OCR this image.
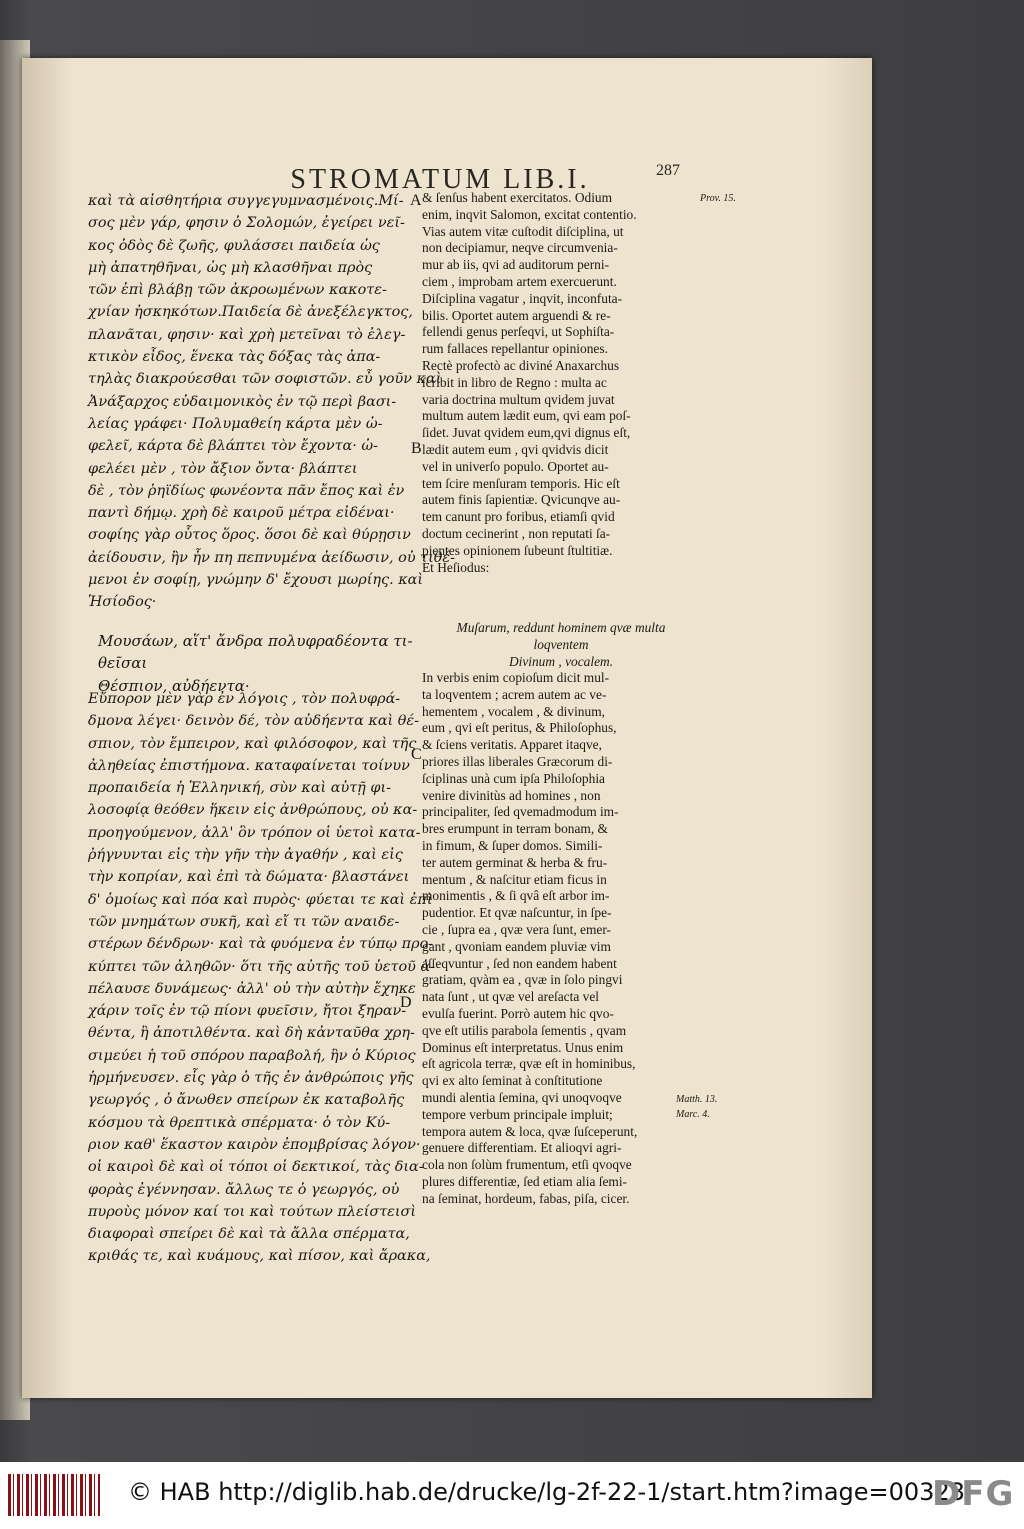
STROMATUM LIB.I.	287
καὶ τὰ αἰσθητήρια συγγεγυμνασμένοις.Μί-
σος μὲν γάρ, φησιν ὁ Σολομών, ἐγείρει νεῖ-
κος ὁδὸς δὲ ζωῆς, φυλάσσει παιδεία ὡς
μὴ ἀπατηθῆναι, ὡς μὴ κλασθῆναι πρὸς
τῶν ἐπὶ βλάβῃ τῶν ἀκροωμένων κακοτε-
χνίαν ἠσκηκότων.Παιδεία δὲ ἀνεξέλεγκτος,
πλανᾶται, φησιν· καὶ χρὴ μετεῖναι τὸ ἐλεγ-
κτικὸν εἶδος, ἕνεκα τὰς δόξας τὰς ἀπα-
τηλὰς διακρούεσθαι τῶν σοφιστῶν. εὖ γοῦν καὶ
Ἀνάξαρχος εὐδαιμονικὸς ἐν τῷ περὶ βασι-
λείας γράφει· Πολυμαθείη κάρτα μὲν ὠ-
φελεῖ, κάρτα δὲ βλάπτει τὸν ἔχοντα· ὠ-
φελέει μὲν , τὸν ἄξιον ὄντα· βλάπτει
δὲ , τὸν ῥηϊδίως φωνέοντα πᾶν ἔπος καὶ ἐν
παντὶ δήμῳ. χρὴ δὲ καιροῦ μέτρα εἰδέναι·
σοφίης γὰρ οὗτος ὅρος. ὅσοι δὲ καὶ θύρῃσιν
ἀείδουσιν, ἢν ἦν πη πεπνυμένα ἀείδωσιν, οὐ τιθέ-
μενοι ἐν σοφίῃ, γνώμην δ' ἔχουσι μωρίης. καὶ
Ἡσίοδος·
Μουσάων, αἵτ' ἄνδρα πολυφραδέοντα τι-
θεῖσαι
Θέσπιον, αὐδήεντα·
Εὔπορον μὲν γὰρ ἐν λόγοις , τὸν πολυφρά-
δμονα λέγει· δεινὸν δέ, τὸν αὐδήεντα καὶ θέ-
σπιον, τὸν ἔμπειρον, καὶ φιλόσοφον, καὶ τῆς
ἀληθείας ἐπιστήμονα. καταφαίνεται τοίνυν
προπαιδεία ἡ Ἑλληνική, σὺν καὶ αὐτῇ φι-
λοσοφίᾳ θεόθεν ἥκειν εἰς ἀνθρώπους, οὐ κα-
προηγούμενον, ἀλλ' ὃν τρόπον οἱ ὑετοὶ κατα-
ῤήγνυνται εἰς τὴν γῆν τὴν ἀγαθήν , καὶ εἰς
τὴν κοπρίαν, καὶ ἐπὶ τὰ δώματα· βλαστάνει
δ' ὁμοίως καὶ πόα καὶ πυρὸς· φύεται τε καὶ ἐπὶ
τῶν μνημάτων συκῆ, καὶ εἴ τι τῶν αναιδε-
στέρων δένδρων· καὶ τὰ φυόμενα ἐν τύπῳ προ-
κύπτει τῶν ἀληθῶν· ὅτι τῆς αὐτῆς τοῦ ὑετοῦ ἀ-
πέλαυσε δυνάμεως· ἀλλ' οὐ τὴν αὐτὴν ἔχηκε
χάριν τοῖς ἐν τῷ πίονι φυεῖσιν, ἤτοι ξηραν-
θέντα, ἢ ἀποτιλθέντα. καὶ δὴ κἀνταῦθα χρη-
σιμεύει ἡ τοῦ σπόρου παραβολή, ἣν ὁ Κύριος
ἡρμήνευσεν. εἷς γὰρ ὁ τῆς ἐν ἀνθρώποις γῆς
γεωργός , ὁ ἄνωθεν σπείρων ἐκ καταβολῆς
κόσμου τὰ θρεπτικὰ σπέρματα· ὁ τὸν Κύ-
ριον καθ' ἕκαστον καιρὸν ἐπομβρίσας λόγον·
οἱ καιροὶ δὲ καὶ οἱ τόποι οἱ δεκτικοί, τὰς δια-
φορὰς ἐγέννησαν. ἄλλως τε ὁ γεωργός, οὐ
πυροὺς μόνον καί τοι καὶ τούτων πλείστεισὶ
διαφοραὶ σπείρει δὲ καὶ τὰ ἄλλα σπέρματα,
κριθάς τε, καὶ κυάμους, καὶ πίσον, καὶ ἄρακα,
& ſenſus habent exercitatos. Odium
enim, inqvit Salomon, excitat contentio.
Vias autem vitæ cuſtodit diſciplina, ut
non decipiamur, neqve circumvenia-
mur ab iis, qvi ad auditorum perni-
ciem , improbam artem exercuerunt.
Diſciplina vagatur , inqvit, inconfuta-
bilis. Oportet autem arguendi & re-
fellendi genus perſeqvi, ut Sophiſta-
rum fallaces repellantur opiniones.
Rectè profectò ac diviné Anaxarchus
ſcribit in libro de Regno : multa ac
varia doctrina multum qvidem juvat
multum autem lædit eum, qvi eam poſ-
ſidet. Juvat qvidem eum,qvi dignus eſt,
lædit autem eum , qvi qvidvis dicit
vel in univerſo populo. Oportet au-
tem ſcire menſuram temporis. Hic eſt
autem finis ſapientiæ. Qvicunqve au-
tem canunt pro foribus, etiamſi qvid
doctum cecinerint , non reputati ſa-
pientes opinionem ſubeunt ſtultitiæ.
Et Heſiodus:
Muſarum, reddunt hominem qvæ multa
loqventem
Divinum , vocalem.
In verbis enim copioſum dicit mul-
ta loqventem ; acrem autem ac ve-
hementem , vocalem , & divinum,
eum , qvi eſt peritus, & Philoſophus,
& ſciens veritatis. Apparet itaqve,
priores illas liberales Græcorum di-
ſciplinas unà cum ipſa Philoſophia
venire divinitùs ad homines , non
principaliter, ſed qvemadmodum im-
bres erumpunt in terram bonam, &
in fimum, & ſuper domos. Simili-
ter autem germinat & herba & fru-
mentum , & naſcitur etiam ficus in
monimentis , & ſi qvâ eſt arbor im-
pudentior. Et qvæ naſcuntur, in ſpe-
cie , ſupra ea , qvæ vera ſunt, emer-
gant , qvoniam eandem pluviæ vim
aſſeqvuntur , ſed non eandem habent
gratiam, qvàm ea , qvæ in ſolo pingvi
nata ſunt , ut qvæ vel areſacta vel
evulſa fuerint. Porrò autem hic qvo-
qve eſt utilis parabola ſementis , qvam
Dominus eſt interpretatus. Unus enim
eſt agricola terræ, qvæ eſt in hominibus,
qvi ex alto ſeminat à conſtitutione
mundi alentia ſemina, qvi unoqvoqve
tempore verbum principale impluit;
tempora autem & loca, qvæ ſuſceperunt,
genuere differentiam. Et alioqvi agri-
cola non ſolùm frumentum, etſi qvoqve
plures differentiæ, ſed etiam alia ſemi-
na ſeminat, hordeum, fabas, piſa, cicer.
A
B
C
D
Prov. 15.
Matth. 13.
Marc. 4.
© HAB http://diglib.hab.de/drucke/lg-2f-22-1/start.htm?image=00323
DFG
